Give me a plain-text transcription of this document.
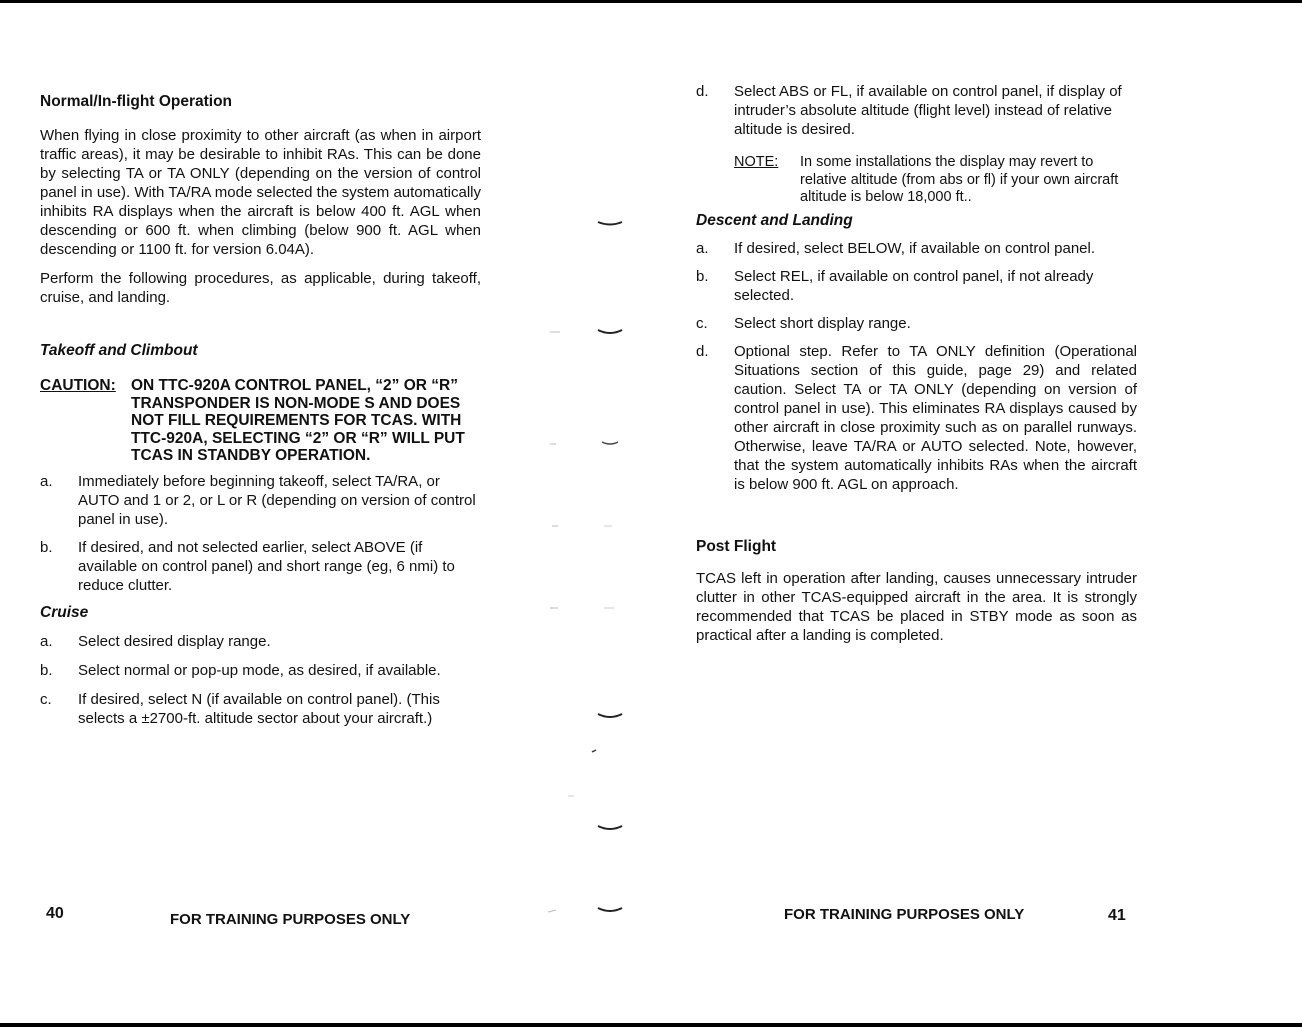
Normal/In-flight Operation

When flying in close proximity to other aircraft (as when in airport traffic areas), it may be desirable to inhibit RAs. This can be done by selecting TA or TA ONLY (depending on the version of control panel in use). With TA/RA mode selected the system automatically inhibits RA displays when the aircraft is below 400 ft. AGL when descending or 600 ft. when climbing (below 900 ft. AGL when descending or 1100 ft. for version 6.04A).

Perform the following procedures, as applicable, during takeoff, cruise, and landing.

Takeoff and Climbout

CAUTION: ON TTC-920A CONTROL PANEL, “2” OR “R” TRANSPONDER IS NON-MODE S AND DOES NOT FILL REQUIREMENTS FOR TCAS. WITH TTC-920A, SELECTING “2” OR “R” WILL PUT TCAS IN STANDBY OPERATION.
a. Immediately before beginning takeoff, select TA/RA, or AUTO and 1 or 2, or L or R (depending on version of control panel in use).
b. If desired, and not selected earlier, select ABOVE (if available on control panel) and short range (eg, 6 nmi) to reduce clutter.

Cruise

a. Select desired display range.
b. Select normal or pop-up mode, as desired, if available.
c. If desired, select N (if available on control panel). (This selects a ±2700-ft. altitude sector about your aircraft.)
d. Select ABS or FL, if available on control panel, if display of intruder’s absolute altitude (flight level) instead of relative altitude is desired.
NOTE: In some installations the display may revert to relative altitude (from abs or fl) if your own aircraft altitude is below 18,000 ft..

Descent and Landing

a. If desired, select BELOW, if available on control panel.
b. Select REL, if available on control panel, if not already selected.
c. Select short display range.
d. Optional step. Refer to TA ONLY definition (Operational Situations section of this guide, page 29) and related caution. Select TA or TA ONLY (depending on version of control panel in use). This eliminates RA displays caused by other aircraft in close proximity such as on parallel runways. Otherwise, leave TA/RA or AUTO selected. Note, however, that the system automatically inhibits RAs when the aircraft is below 900 ft. AGL on approach.

Post Flight

TCAS left in operation after landing, causes unnecessary intruder clutter in other TCAS-equipped aircraft in the area. It is strongly recommended that TCAS be placed in STBY mode as soon as practical after a landing is completed.

40	FOR TRAINING PURPOSES ONLY	FOR TRAINING PURPOSES ONLY	41
